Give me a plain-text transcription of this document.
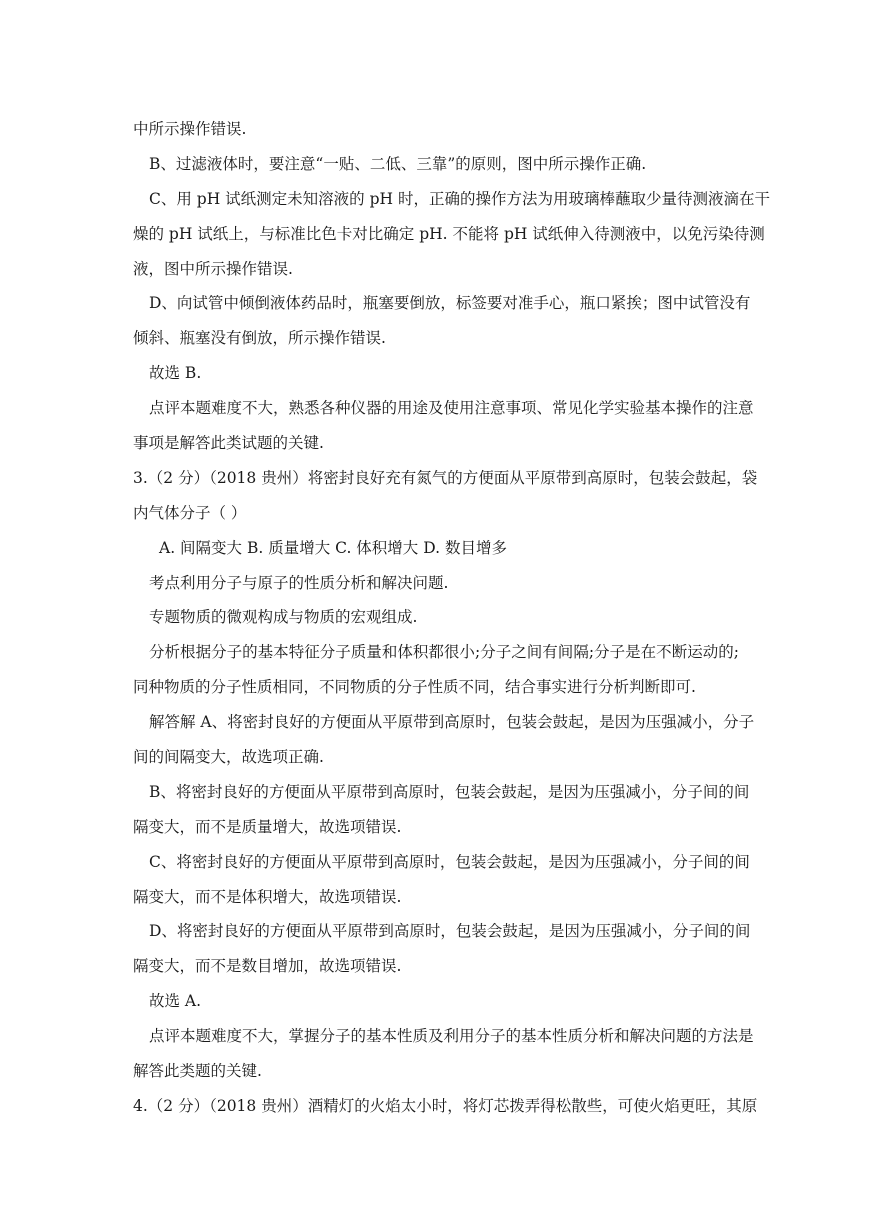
中所示操作错误.

B、过滤液体时，要注意“一贴、二低、三靠”的原则，图中所示操作正确.

C、用 pH 试纸测定未知溶液的 pH 时，正确的操作方法为用玻璃棒蘸取少量待测液滴在干

燥的 pH 试纸上，与标准比色卡对比确定 pH. 不能将 pH 试纸伸入待测液中，以免污染待测

液，图中所示操作错误.

D、向试管中倾倒液体药品时，瓶塞要倒放，标签要对准手心，瓶口紧挨；图中试管没有

倾斜、瓶塞没有倒放，所示操作错误.

故选 B.

点评本题难度不大，熟悉各种仪器的用途及使用注意事项、常见化学实验基本操作的注意

事项是解答此类试题的关键.

3.（2 分）（2018 贵州）将密封良好充有氮气的方便面从平原带到高原时，包装会鼓起，袋

内气体分子（ ）

A. 间隔变大 B. 质量增大 C. 体积增大 D. 数目增多

考点利用分子与原子的性质分析和解决问题.

专题物质的微观构成与物质的宏观组成.

分析根据分子的基本特征分子质量和体积都很小;分子之间有间隔;分子是在不断运动的;

同种物质的分子性质相同，不同物质的分子性质不同，结合事实进行分析判断即可.

解答解 A、将密封良好的方便面从平原带到高原时，包装会鼓起，是因为压强减小，分子

间的间隔变大，故选项正确.

B、将密封良好的方便面从平原带到高原时，包装会鼓起，是因为压强减小，分子间的间

隔变大，而不是质量增大，故选项错误.

C、将密封良好的方便面从平原带到高原时，包装会鼓起，是因为压强减小，分子间的间

隔变大，而不是体积增大，故选项错误.

D、将密封良好的方便面从平原带到高原时，包装会鼓起，是因为压强减小，分子间的间

隔变大，而不是数目增加，故选项错误.

故选 A.

点评本题难度不大，掌握分子的基本性质及利用分子的基本性质分析和解决问题的方法是

解答此类题的关键.

4.（2 分）（2018 贵州）酒精灯的火焰太小时，将灯芯拨弄得松散些，可使火焰更旺，其原
